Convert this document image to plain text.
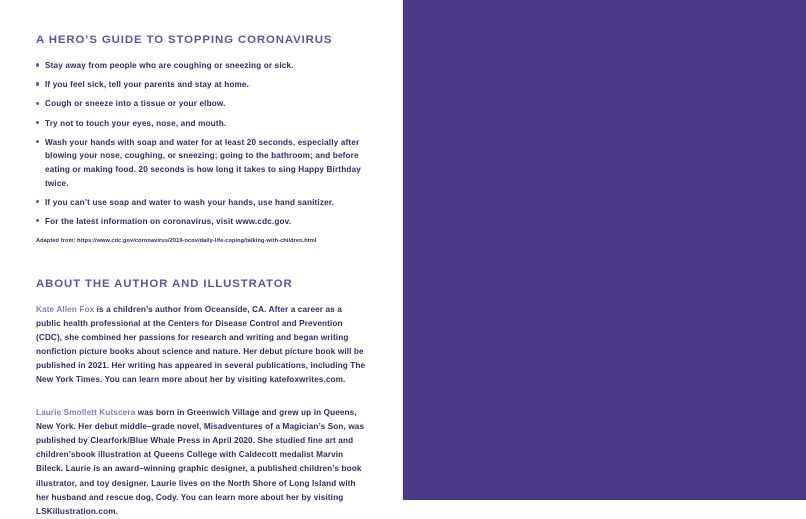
A HERO’S GUIDE TO STOPPING CORONAVIRUS
Stay away from people who are coughing or sneezing or sick.
If you feel sick, tell your parents and stay at home.
Cough or sneeze into a tissue or your elbow.
Try not to touch your eyes, nose, and mouth.
Wash your hands with soap and water for at least 20 seconds, especially after blowing your nose, coughing, or sneezing; going to the bathroom; and before eating or making food. 20 seconds is how long it takes to sing Happy Birthday twice.
If you can’t use soap and water to wash your hands, use hand sanitizer.
For the latest information on coronavirus, visit www.cdc.gov.

Adapted from: https://www.cdc.gov/coronavirus/2019-ncov/daily-life-coping/talking-with-children.html

ABOUT THE AUTHOR AND ILLUSTRATOR

Kate Allen Fox is a children’s author from Oceanside, CA. After a career as a public health professional at the Centers for Disease Control and Prevention (CDC), she combined her passions for research and writing and began writing nonfiction picture books about science and nature. Her debut picture book will be published in 2021. Her writing has appeared in several publications, including The New York Times. You can learn more about her by visiting katefoxwrites.com.

Laurie Smollett Kutscera was born in Greenwich Village and grew up in Queens, New York. Her debut middle–grade novel, Misadventures of a Magician’s Son, was published by Clearfork/Blue Whale Press in April 2020. She studied fine art and children’sbook illustration at Queens College with Caldecott medalist Marvin Bileck. Laurie is an award–winning graphic designer, a published children’s book illustrator, and toy designer. Laurie lives on the North Shore of Long Island with her husband and rescue dog, Cody. You can learn more about her by visiting LSKillustration.com.
